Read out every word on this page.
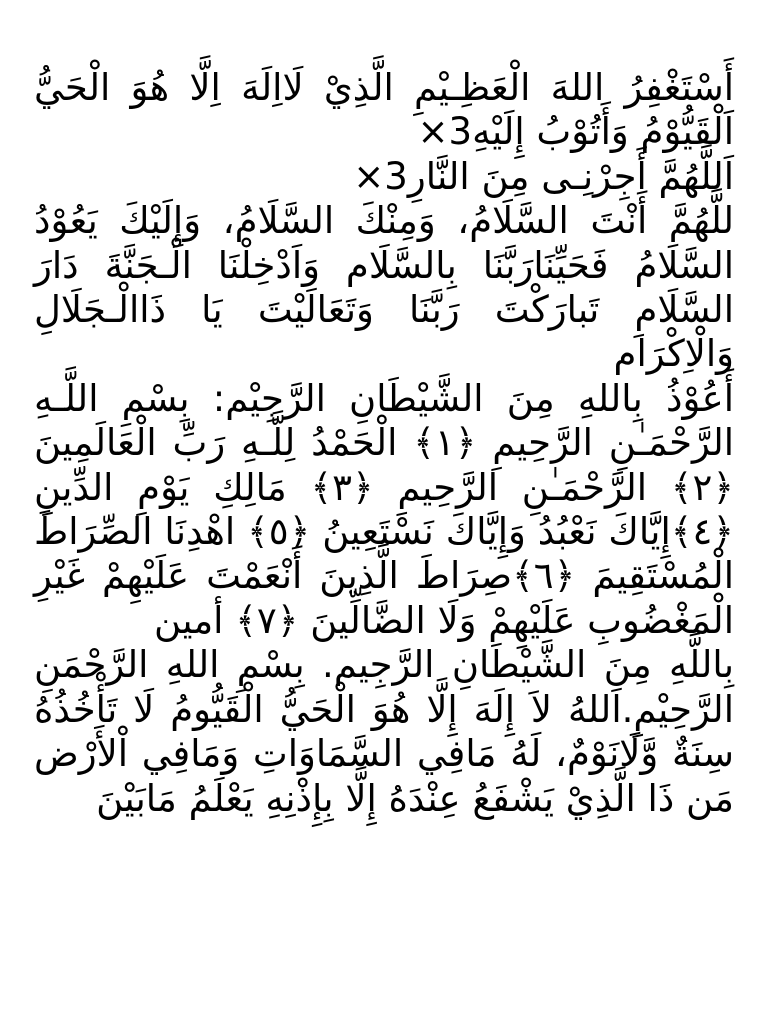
أَسْتَغْفِرُ اللهَ الْعَظِـيْمِ الَّذِيْ لَااِلَهَ اِلَّا هُوَ الْحَيُّ اَلْقَيُّوْمُ وَأَتُوْبُ إِلَيْهِ3×

اَللَّهُمَّ أَجِرْنِـى مِنَ النَّارِ3×

للَّهُمَّ أَنْتَ السَّلَامُ، وَمِنْكَ السَّلَامُ، وَإِلَيْكَ يَعُوْدُ السَّلَامُ فَحَيِّنَارَبَّنَا بِالسَّلَام وَاَدْخِلْنَا الْـجَنَّةَ دَارَ السَّلَامِ تَبارَكْتَ رَبَّنَا وَتَعَالَيْتَ يَا ذَاالْـجَلَالِ وَالْاِكْرَام

أَعُوْذُ بِاللهِ مِنَ الشَّيْطَانِ الرَّجِيْم: بِسْمِ اللَّـهِ الرَّحْمَـٰنِ الرَّحِيمِ ﴿١﴾ الْحَمْدُ لِلَّـهِ رَبِّ الْعَالَمِينَ ﴿٢﴾ الرَّحْمَـٰنِ الرَّحِيمِ ﴿٣﴾ مَالِكِ يَوْمِ الدِّينِ ﴿٤﴾إِيَّاكَ نَعْبُدُ وَإِيَّاكَ نَسْتَعِينُ ﴿٥﴾ اهْدِنَا الصِّرَاطَ الْمُسْتَقِيمَ ﴿٦﴾صِرَاطَ الَّذِينَ أَنْعَمْتَ عَلَيْهِمْ غَيْرِ الْمَغْضُوبِ عَلَيْهِمْ وَلَا الضَّالِّينَ ﴿٧﴾ أمين

بِاللَّهِ مِنَ الشَّيْطَانِ الرَّجِيم. بِسْمِ اللهِ الرَّحْمَنِ الرَّحِيْمِ.اَللهُ لاَ إِلَهَ إِلَّا هُوَ الْحَيُّ الْقَيُّومُ لَا تَأْخُذُهُ سِنَةٌ وَّلَانَوْمٌ، لَهُ مَافِي السَّمَاوَاتِ وَمَافِي اْلأَرْض مَن ذَا الَّذِيْ يَشْفَعُ عِنْدَهُ إِلَّا بِإِذْنِهِ يَعْلَمُ مَابَيْنَ
